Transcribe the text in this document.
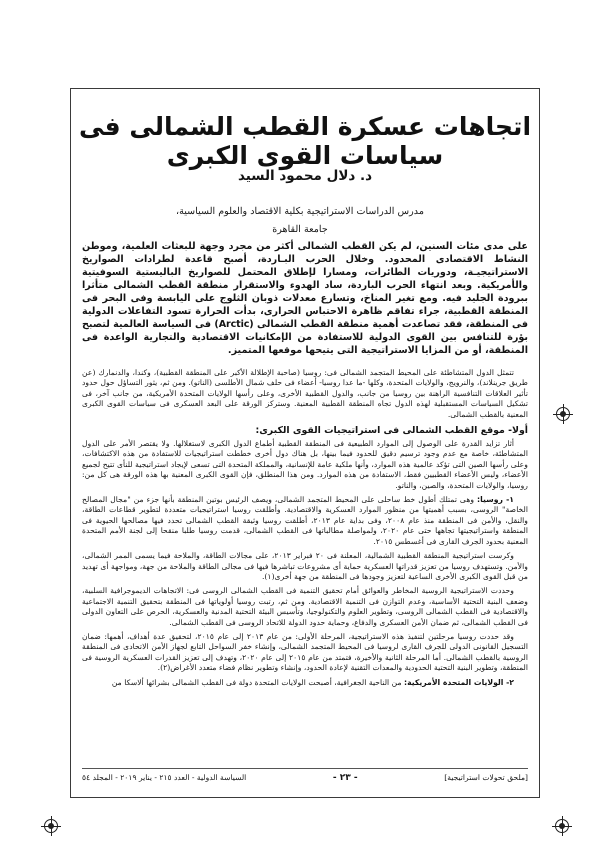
اتجاهات عسكرة القطب الشمالى فى سياسات القوى الكبرى
د. دلال محمود السيد
مدرس الدراسات الاستراتيجية بكلية الاقتصاد والعلوم السياسية،
جامعة القاهرة
على مدى مئات السنين، لم يكن القطب الشمالى أكثر من مجرد وجهة للبعثات العلمية، وموطن النشاط الاقتصادى المحدود. وخلال الحرب البـاردة، أصبح قاعدة لطرادات الصواريخ الاستراتيجيـة، ودوريات الطائرات، ومسارا لإطلاق المحتمل للصواريخ الباليستية السوفيتية والأمريكية. وبعد انتهاء الحرب الباردة، ساد الهدوء والاستقرار منطقة القطب الشمالى متأثرا ببرودة الجليد فيه. ومع تغير المناخ، وتسارع معدلات ذوبان الثلوج على اليابسة وفى البحر فى المنطقة القطبية، جراء تفاقم ظاهرة الاحتباس الحرارى، بدأت الحرارة تسود التفاعلات الدولية فى المنطقة، فقد تصاعدت أهمية منطقة القطب الشمالى (Arctic) فى السياسة العالمية لتصبح بؤرة للتنافس بين القوى الدولية للاستفادة من الإمكانيات الاقتصادية والتجارية الواعدة فى المنطقة، أو من المزايا الاستراتيجية التى يتيحها موقعها المتميز.

تتمثل الدول المتشاطئة على المحيط المتجمد الشمالى فى: روسيا (صاحبة الإطلالة الأكبر على المنطقة القطبية)، وكندا، والدنمارك (عن طريق جرينلاند)، والنرويج، والولايات المتحدة، وكلها -ما عدا روسيا- أعضاء فى حلف شمال الأطلسى (الناتو). ومن ثم، يثور التساؤل حول حدود تأثير العلاقات التنافسية الراهنة بين روسيا من جانب، والدول القطبية الأخرى، وعلى رأسها الولايات المتحدة الأمريكية، من جانب آخر، فى تشكيل السياسات المستقبلية لهذه الدول تجاه المنطقة القطبية المعنية. وستركز الورقة على البعد العسكرى فى سياسات القوى الكبرى المعنية بالقطب الشمالى.

أولا- موقع القطب الشمالى فى استراتيجيات القوى الكبرى:

أثار تزايد القدرة على الوصول إلى الموارد الطبيعية فى المنطقة القطبية أطماع الدول الكبرى لاستغلالها. ولا يقتصر الأمر على الدول المتشاطئة، خاصة مع عدم وجود ترسيم دقيق للحدود فيما بينها، بل هناك دول أخرى خططت استراتيجيات للاستفادة من هذه الاكتشافات، وعلى رأسها الصين التى تؤكد عالمية هذه الموارد، وأنها ملكية عامة للإنسانية، والمملكة المتحدة التى تسعى لإيجاد استراتيجية للنأى تتيح لجميع الأعضاء، وليس الأعضاء القطبيين فقط، الاستفادة من هذه الموارد. ومن هذا المنطلق، فإن القوى الكبرى المعنية بها هذه الورقة هى كل من: روسيا، والولايات المتحدة، والصين، والناتو.

١- روسيا: وهى تمتلك أطول خط ساحلى على المحيط المتجمد الشمالى، ويصف الرئيس بوتين المنطقة بأنها جزء من "مجال المصالح الخاصة" الروسى، بسبب أهميتها من منظور الموارد العسكرية والاقتصادية. وأطلقت روسيا استراتيجيات متعددة لتطوير قطاعات الطاقة، والنقل، والأمن فى المنطقة منذ عام ٢٠٠٨، وفى بداية عام ٢٠١٣، أطلقت روسيا وثيقة القطب الشمالى تحدد فيها مصالحها الحيوية فى المنطقة واستراتيجيتها تجاهها حتى عام ٢٠٢٠، ولمواصلة مطالباتها فى القطب الشمالى، قدمت روسيا طلبا منقحا إلى لجنة الأمم المتحدة المعنية بحدود الجرف القارى فى أغسطس ٢٠١٥.

وكرست استراتيجية المنطقة القطبية الشمالية، المعلنة فى ٢٠ فبراير ٢٠١٣، على مجالات الطاقة، والملاحة فيما يسمى الممر الشمالى، والأمن. وتستهدف روسيا من تعزيز قدراتها العسكرية حماية أى مشروعات تباشرها فيها فى مجالى الطاقة والملاحة من جهة، ومواجهة أى تهديد من قبل القوى الكبرى الأخرى الساعية لتعزيز وجودها فى المنطقة من جهة أخرى(١).

وحددت الاستراتيجية الروسية المخاطر والعوائق أمام تحقيق التنمية فى القطب الشمالى الروسى فى: الاتجاهات الديموجرافية السلبية، وضعف البنية التحتية الأساسية، وعدم التوازن فى التنمية الاقتصادية. ومن ثم، رتبت روسيا أولوياتها فى المنطقة بتحقيق التنمية الاجتماعية والاقتصادية فى القطب الشمالى الروسى، وتطوير العلوم والتكنولوجيا، وتأسيس البيئة التحتية المدنية والعسكرية، الحرص على التعاون الدولى فى القطب الشمالى، ثم ضمان الأمن العسكرى والدفاع، وحماية حدود الدولة للاتحاد الروسى فى القطب الشمالى.

وقد حددت روسيا مرحلتين لتنفيذ هذه الاستراتيجية، المرحلة الأولى: من عام ٢٠١٣ إلى عام ٢٠١٥، لتحقيق عدة أهداف، أهمها: ضمان التسجيل القانونى الدولى للجرف القارى لروسيا فى المحيط المتجمد الشمالى، وإنشاء خفر السواحل التابع لجهاز الأمن الاتحادى فى المنطقة الروسية بالقطب الشمالى. أما المرحلة الثانية والأخيرة، فتمتد من عام ٢٠١٥ إلى عام ٢٠٢٠، وتهدف إلى تعزيز القدرات العسكرية الروسية فى المنطقة، وتطوير البنية التحتية الحدودية والمعدات التقنية لإعادة الحدود، وإنشاء وتطوير نظام فضاء متعدد الأغراض(٢).

٢- الولايات المتحدة الأمريكية: من الناحية الجغرافية، أصبحت الولايات المتحدة دولة فى القطب الشمالى بشرائها ألاسكا من

[ملحق تحولات استراتيجية]
- ٢٣ -
السياسة الدولية - العدد ٢١٥ - يناير ٢٠١٩ - المجلد ٥٤
